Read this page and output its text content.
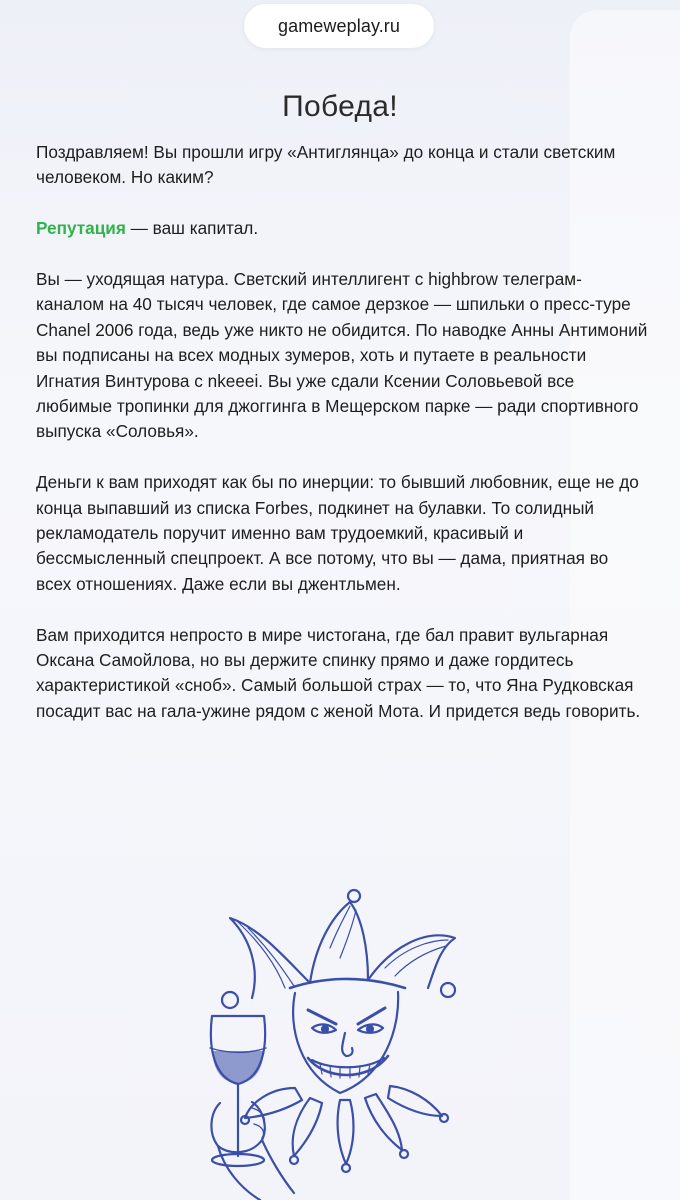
gameweplay.ru
Победа!

Поздравляем! Вы прошли игру «Антиглянца» до конца и стали светским человеком. Но каким?

Репутация — ваш капитал.

Вы — уходящая натура. Светский интеллигент с highbrow телеграм-каналом на 40 тысяч человек, где самое дерзкое — шпильки о пресс-туре Chanel 2006 года, ведь уже никто не обидится. По наводке Анны Антимоний вы подписаны на всех модных зумеров, хоть и путаете в реальности Игнатия Винтурова с nkeeei. Вы уже сдали Ксении Соловьевой все любимые тропинки для джоггинга в Мещерском парке — ради спортивного выпуска «Соловья».

Деньги к вам приходят как бы по инерции: то бывший любовник, еще не до конца выпавший из списка Forbes, подкинет на булавки. То солидный рекламодатель поручит именно вам трудоемкий, красивый и бессмысленный спецпроект. А все потому, что вы — дама, приятная во всех отношениях. Даже если вы джентльмен.

Вам приходится непросто в мире чистогана, где бал правит вульгарная Оксана Самойлова, но вы держите спинку прямо и даже гордитесь характеристикой «сноб». Самый большой страх — то, что Яна Рудковская посадит вас на гала-ужине рядом с женой Мота. И придется ведь говорить.
